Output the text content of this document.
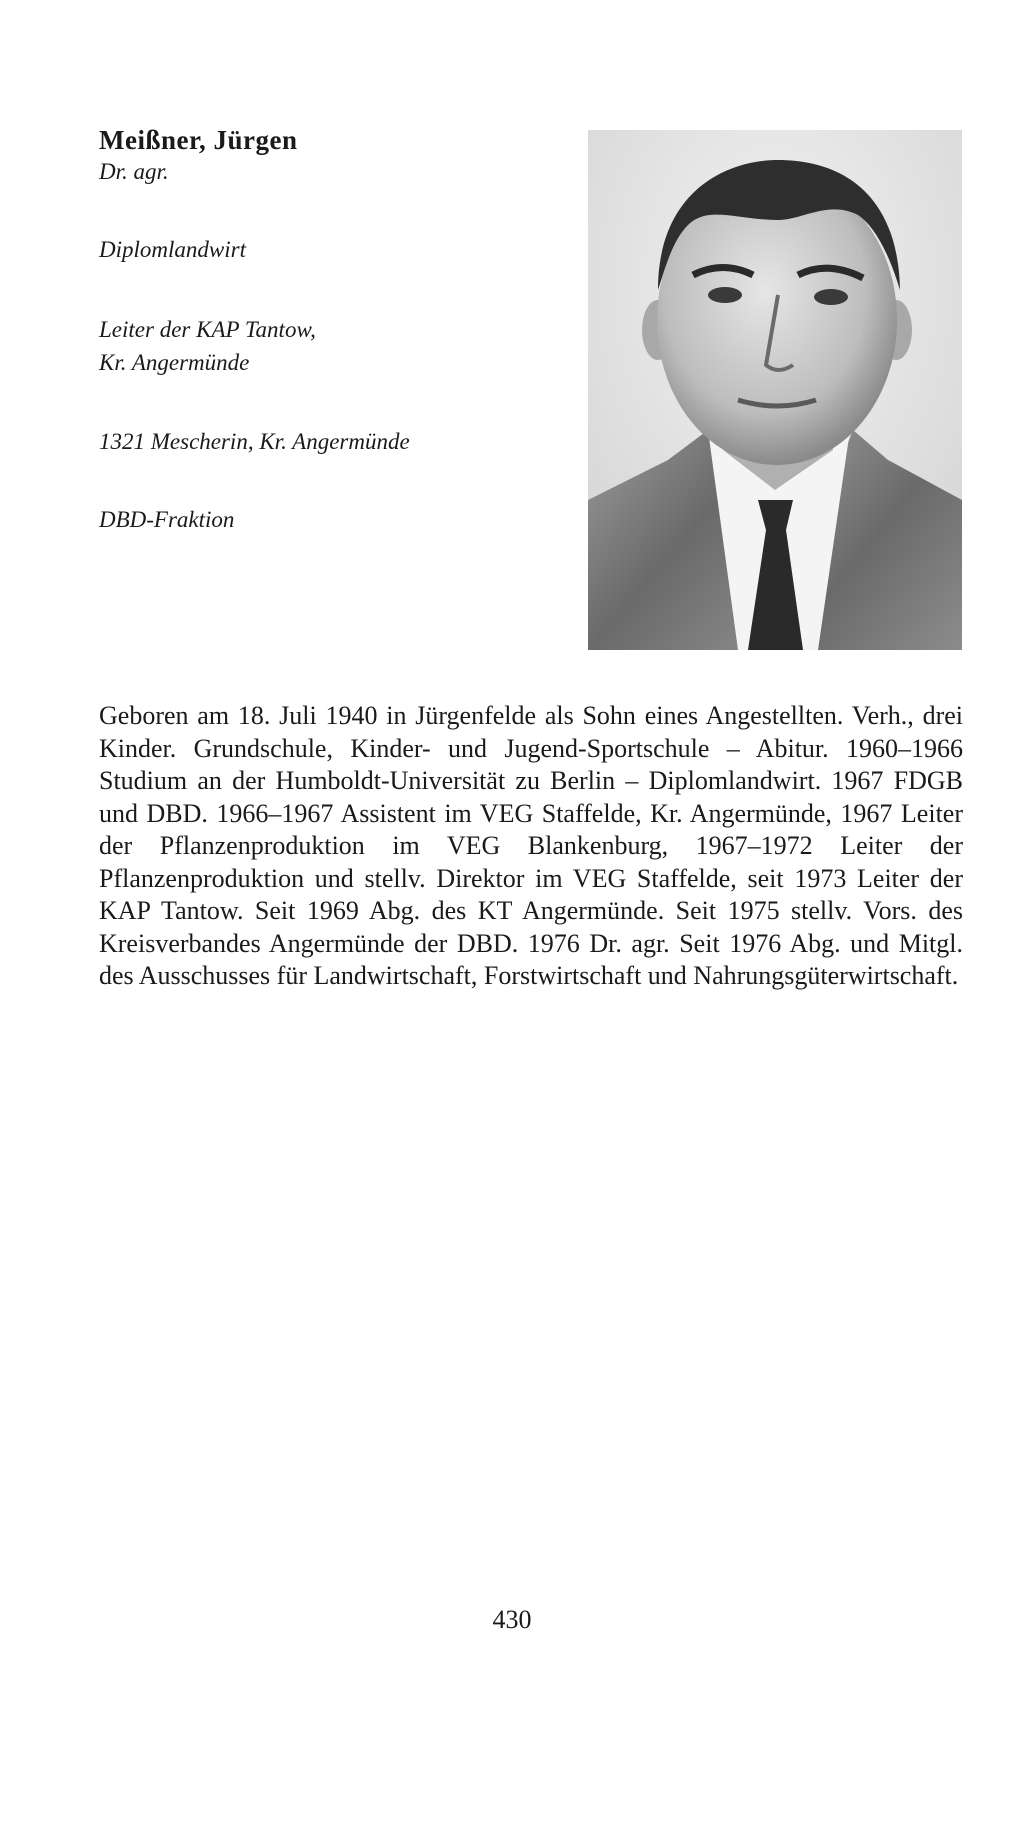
Meißner, Jürgen

Dr. agr.

Diplomlandwirt

Leiter der KAP Tantow,
Kr. Angermünde

1321 Mescherin, Kr. Angermünde

DBD-Fraktion

Geboren am 18. Juli 1940 in Jürgenfelde als Sohn eines Angestellten. Verh., drei Kinder. Grundschule, Kinder- und Jugend-Sportschule – Abitur. 1960–1966 Studium an der Humboldt-Universität zu Berlin – Diplomlandwirt. 1967 FDGB und DBD. 1966–1967 Assistent im VEG Staffelde, Kr. Angermünde, 1967 Leiter der Pflanzenproduktion im VEG Blankenburg, 1967–1972 Leiter der Pflanzenproduktion und stellv. Direktor im VEG Staffelde, seit 1973 Leiter der KAP Tantow. Seit 1969 Abg. des KT Angermünde. Seit 1975 stellv. Vors. des Kreisverbandes Angermünde der DBD. 1976 Dr. agr. Seit 1976 Abg. und Mitgl. des Ausschusses für Landwirtschaft, Forstwirtschaft und Nahrungsgüterwirtschaft.

430
